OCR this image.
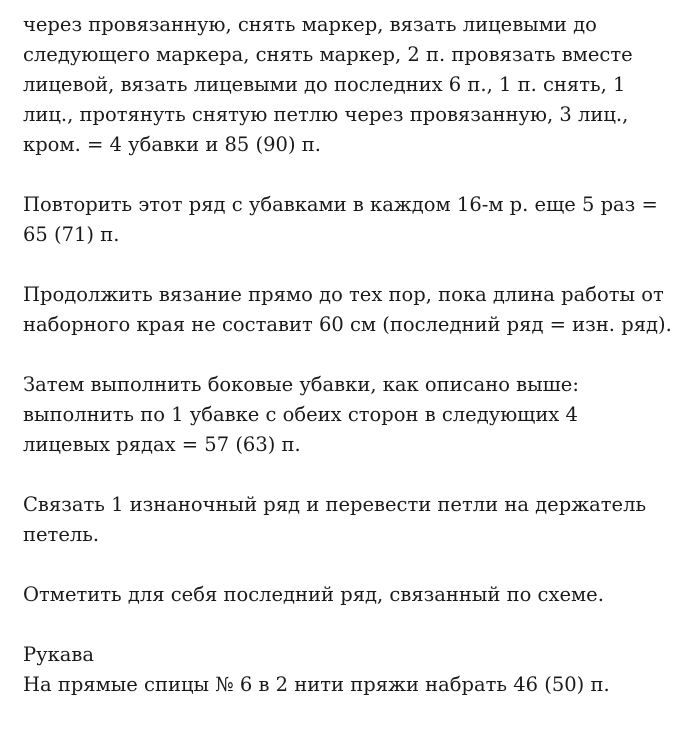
через провязанную, снять маркер, вязать лицевыми до
следующего маркера, снять маркер, 2 п. провязать вместе
лицевой, вязать лицевыми до последних 6 п., 1 п. снять, 1
лиц., протянуть снятую петлю через провязанную, 3 лиц.,
кром. = 4 убавки и 85 (90) п.

Повторить этот ряд с убавками в каждом 16-м р. еще 5 раз =
65 (71) п.

Продолжить вязание прямо до тех пор, пока длина работы от
наборного края не составит 60 см (последний ряд = изн. ряд).

Затем выполнить боковые убавки, как описано выше:
выполнить по 1 убавке с обеих сторон в следующих 4
лицевых рядах = 57 (63) п.

Связать 1 изнаночный ряд и перевести петли на держатель
петель.

Отметить для себя последний ряд, связанный по схеме.

Рукава
На прямые спицы № 6 в 2 нити пряжи набрать 46 (50) п.
